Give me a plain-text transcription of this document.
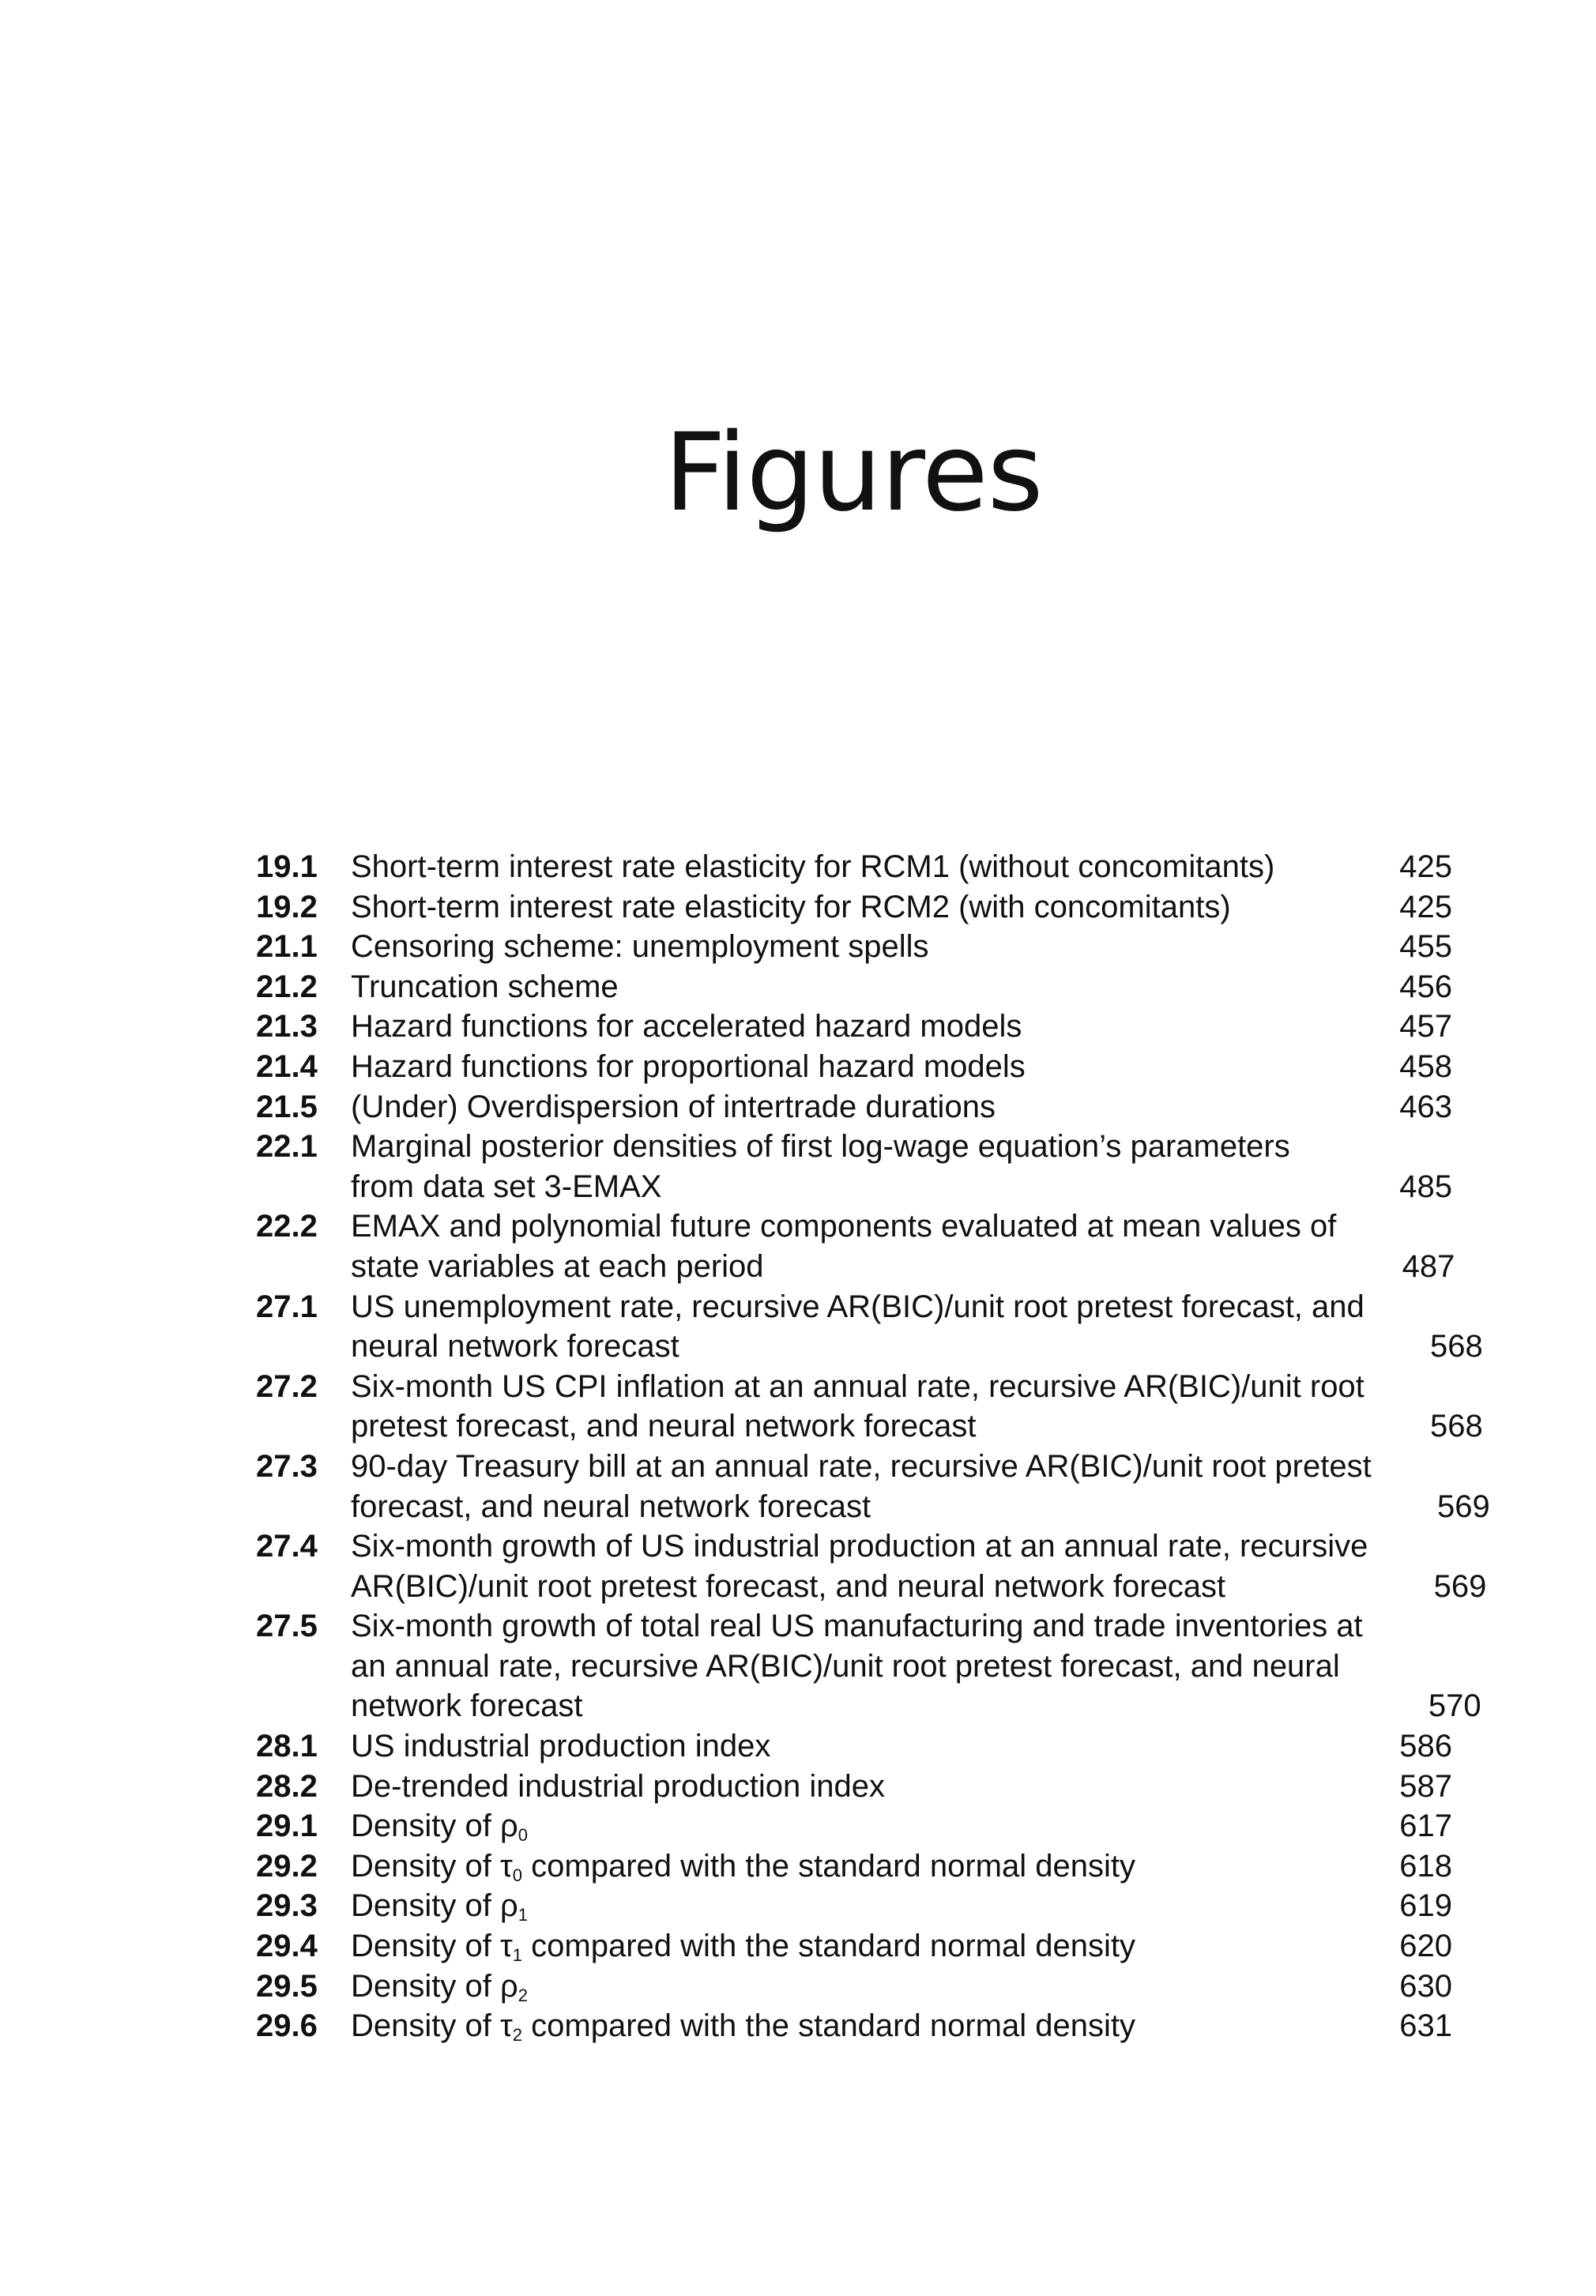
Figures
19.1	Short-term interest rate elasticity for RCM1 (without concomitants)	425
19.2	Short-term interest rate elasticity for RCM2 (with concomitants)	425
21.1	Censoring scheme: unemployment spells	455
21.2	Truncation scheme	456
21.3	Hazard functions for accelerated hazard models	457
21.4	Hazard functions for proportional hazard models	458
21.5	(Under) Overdispersion of intertrade durations	463
22.1	Marginal posterior densities of first log-wage equation’s parameters
from data set 3-EMAX	485
22.2	EMAX and polynomial future components evaluated at mean values of
state variables at each period	487
27.1	US unemployment rate, recursive AR(BIC)/unit root pretest forecast, and
neural network forecast	568
27.2	Six-month US CPI inflation at an annual rate, recursive AR(BIC)/unit root
pretest forecast, and neural network forecast	568
27.3	90-day Treasury bill at an annual rate, recursive AR(BIC)/unit root pretest
forecast, and neural network forecast	569
27.4	Six-month growth of US industrial production at an annual rate, recursive
AR(BIC)/unit root pretest forecast, and neural network forecast	569
27.5	Six-month growth of total real US manufacturing and trade inventories at
an annual rate, recursive AR(BIC)/unit root pretest forecast, and neural
network forecast	570
28.1	US industrial production index	586
28.2	De-trended industrial production index	587
29.1	Density of $\rho_0$	617
29.2	Density of $\tau_0$ compared with the standard normal density	618
29.3	Density of $\rho_1$	619
29.4	Density of $\tau_1$ compared with the standard normal density	620
29.5	Density of $\rho_2$	630
29.6	Density of $\tau_2$ compared with the standard normal density	631
